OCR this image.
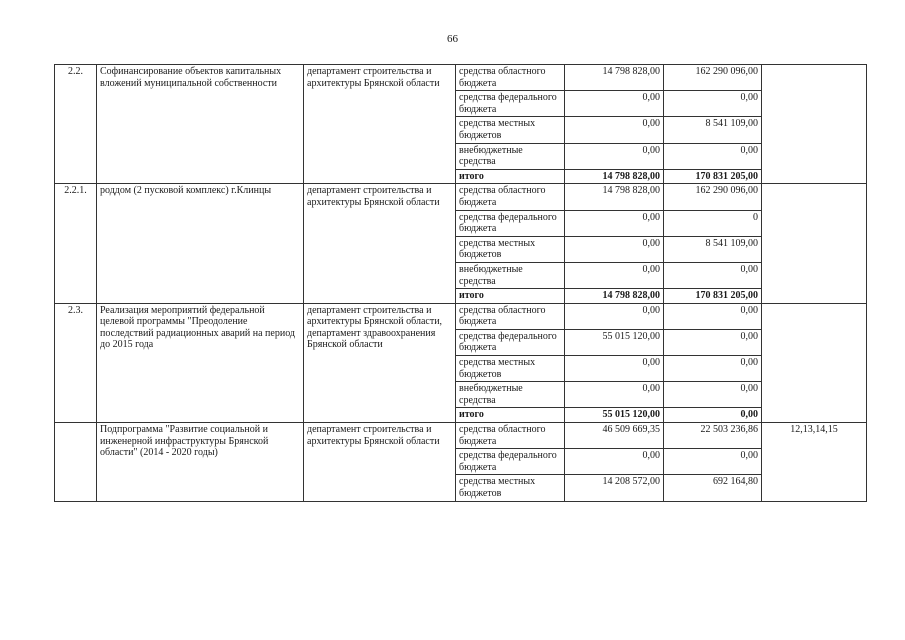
66
2.2.	Софинансирование объектов капитальных вложений муниципальной собственности	департамент строительства и архитектуры Брянской области	средства областного бюджета	14 798 828,00	162 290 096,00	
			средства федерального бюджета	0,00	0,00	
			средства местных бюджетов	0,00	8 541 109,00	
			внебюджетные средства	0,00	0,00	
			итого	14 798 828,00	170 831 205,00	
2.2.1.	роддом (2 пусковой комплекс) г.Клинцы	департамент строительства и архитектуры Брянской области	средства областного бюджета	14 798 828,00	162 290 096,00	
			средства федерального бюджета	0,00	0	
			средства местных бюджетов	0,00	8 541 109,00	
			внебюджетные средства	0,00	0,00	
			итого	14 798 828,00	170 831 205,00	
2.3.	Реализация мероприятий федеральной целевой программы "Преодоление последствий радиационных аварий на период до 2015 года	департамент строительства и архитектуры Брянской области, департамент здравоохранения Брянской области	средства областного бюджета	0,00	0,00	
			средства федерального бюджета	55 015 120,00	0,00	
			средства местных бюджетов	0,00	0,00	
			внебюджетные средства	0,00	0,00	
			итого	55 015 120,00	0,00	
	Подпрограмма "Развитие социальной и инженерной инфраструктуры Брянской области" (2014 - 2020 годы)	департамент строительства и архитектуры Брянской области	средства областного бюджета	46 509 669,35	22 503 236,86	12,13,14,15
			средства федерального бюджета	0,00	0,00	
			средства местных бюджетов	14 208 572,00	692 164,80	
